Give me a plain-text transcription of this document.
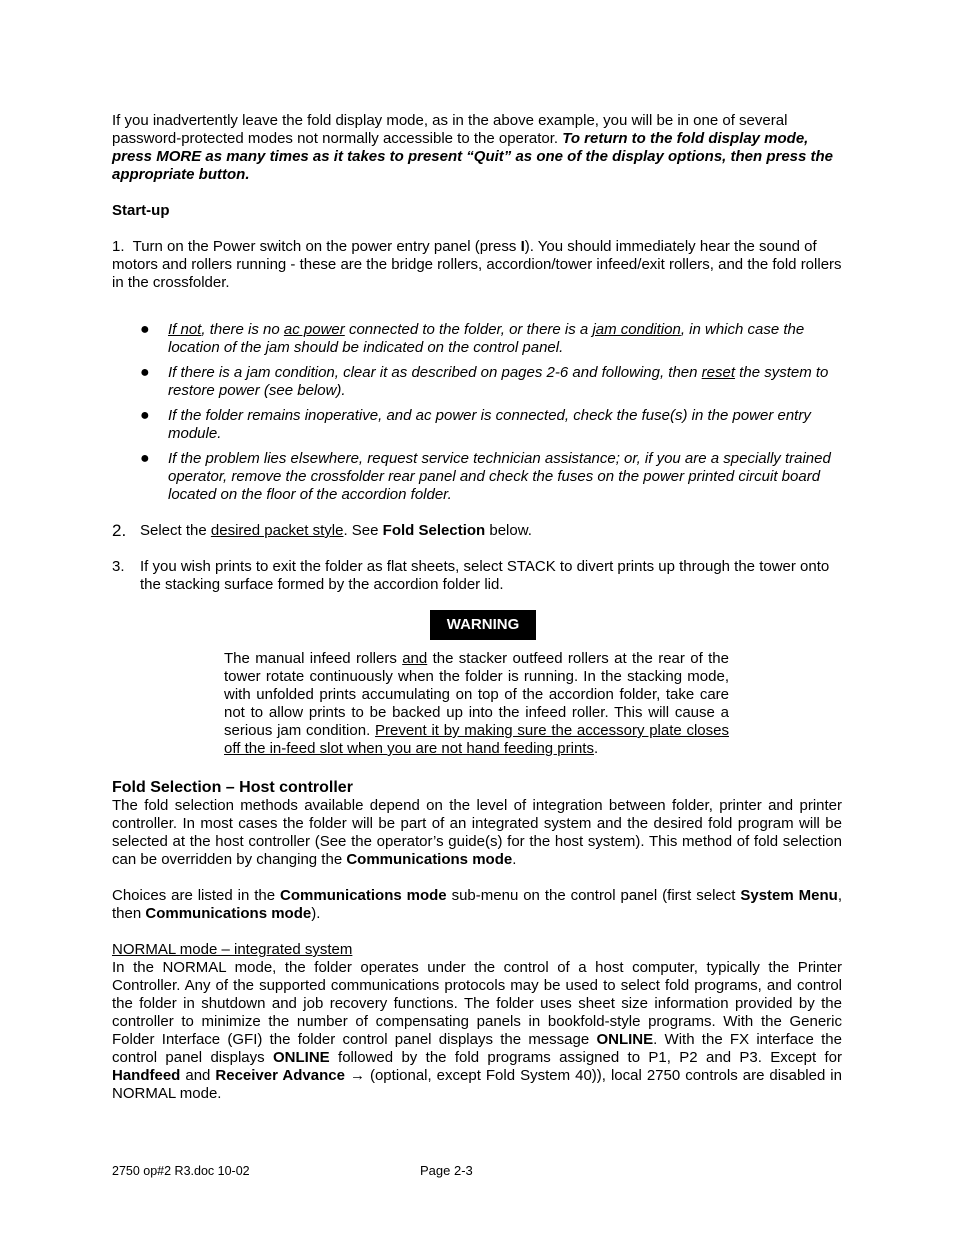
If you inadvertently leave the fold display mode, as in the above example, you will be in one of several password-protected modes not normally accessible to the operator. To return to the fold display mode, press MORE as many times as it takes to present “Quit” as one of the display options, then press the appropriate button.

Start-up

1. Turn on the Power switch on the power entry panel (press I). You should immediately hear the sound of motors and rollers running - these are the bridge rollers, accordion/tower infeed/exit rollers, and the fold rollers in the crossfolder.

●	If not, there is no ac power connected to the folder, or there is a jam condition, in which case the location of the jam should be indicated on the control panel.
●	If there is a jam condition, clear it as described on pages 2-6 and following, then reset the system to restore power (see below).
●	If the folder remains inoperative, and ac power is connected, check the fuse(s) in the power entry module.
●	If the problem lies elsewhere, request service technician assistance; or, if you are a specially trained operator, remove the crossfolder rear panel and check the fuses on the power printed circuit board located on the floor of the accordion folder.
2. Select the desired packet style. See Fold Selection below.
3.	If you wish prints to exit the folder as flat sheets, select STACK to divert prints up through the tower onto the stacking surface formed by the accordion folder lid.
WARNING

The manual infeed rollers and the stacker outfeed rollers at the rear of the tower rotate continuously when the folder is running. In the stacking mode, with unfolded prints accumulating on top of the accordion folder, take care not to allow prints to be backed up into the infeed roller. This will cause a serious jam condition. Prevent it by making sure the accessory plate closes off the in-feed slot when you are not hand feeding prints.

Fold Selection – Host controller

The fold selection methods available depend on the level of integration between folder, printer and printer controller. In most cases the folder will be part of an integrated system and the desired fold program will be selected at the host controller (See the operator’s guide(s) for the host system). This method of fold selection can be overridden by changing the Communications mode.

Choices are listed in the Communications mode sub-menu on the control panel (first select System Menu, then Communications mode).

NORMAL mode – integrated system

In the NORMAL mode, the folder operates under the control of a host computer, typically the Printer Controller. Any of the supported communications protocols may be used to select fold programs, and control the folder in shutdown and job recovery functions. The folder uses sheet size information provided by the controller to minimize the number of compensating panels in bookfold-style programs. With the Generic Folder Interface (GFI) the folder control panel displays the message ONLINE. With the FX interface the control panel displays ONLINE followed by the fold programs assigned to P1, P2 and P3. Except for Handfeed and Receiver Advance → (optional, except Fold System 40)), local 2750 controls are disabled in NORMAL mode.

2750 op#2 R3.doc 10-02	Page 2-3
